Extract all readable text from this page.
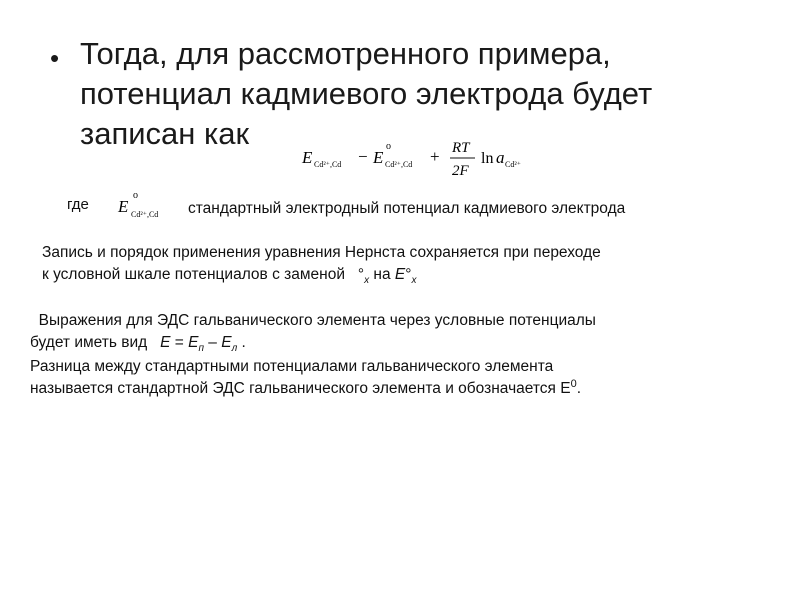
• Тогда, для рассмотренного примера,
потенциал кадмиевого электрода будет
записан как
E Cd²⁺,Cd − E
o
Cd²⁺,Cd + RT
2F
ln a Cd²⁺
где E
o
Cd²⁺,Cd стандартный электродный потенциал кадмиевого электрода
Запись и порядок применения уравнения Нернста сохраняется при переходе
к условной шкале потенциалов с заменой $^\circ_x$ на $E^\circ_x$
Выражения для ЭДС гальванического элемента через условные потенциалы
будет иметь вид   $E = E_п - E_л$ .
Разница между стандартными потенциалами гальванического элемента
называется стандартной ЭДС гальванического элемента и обозначается $Е^0$.
